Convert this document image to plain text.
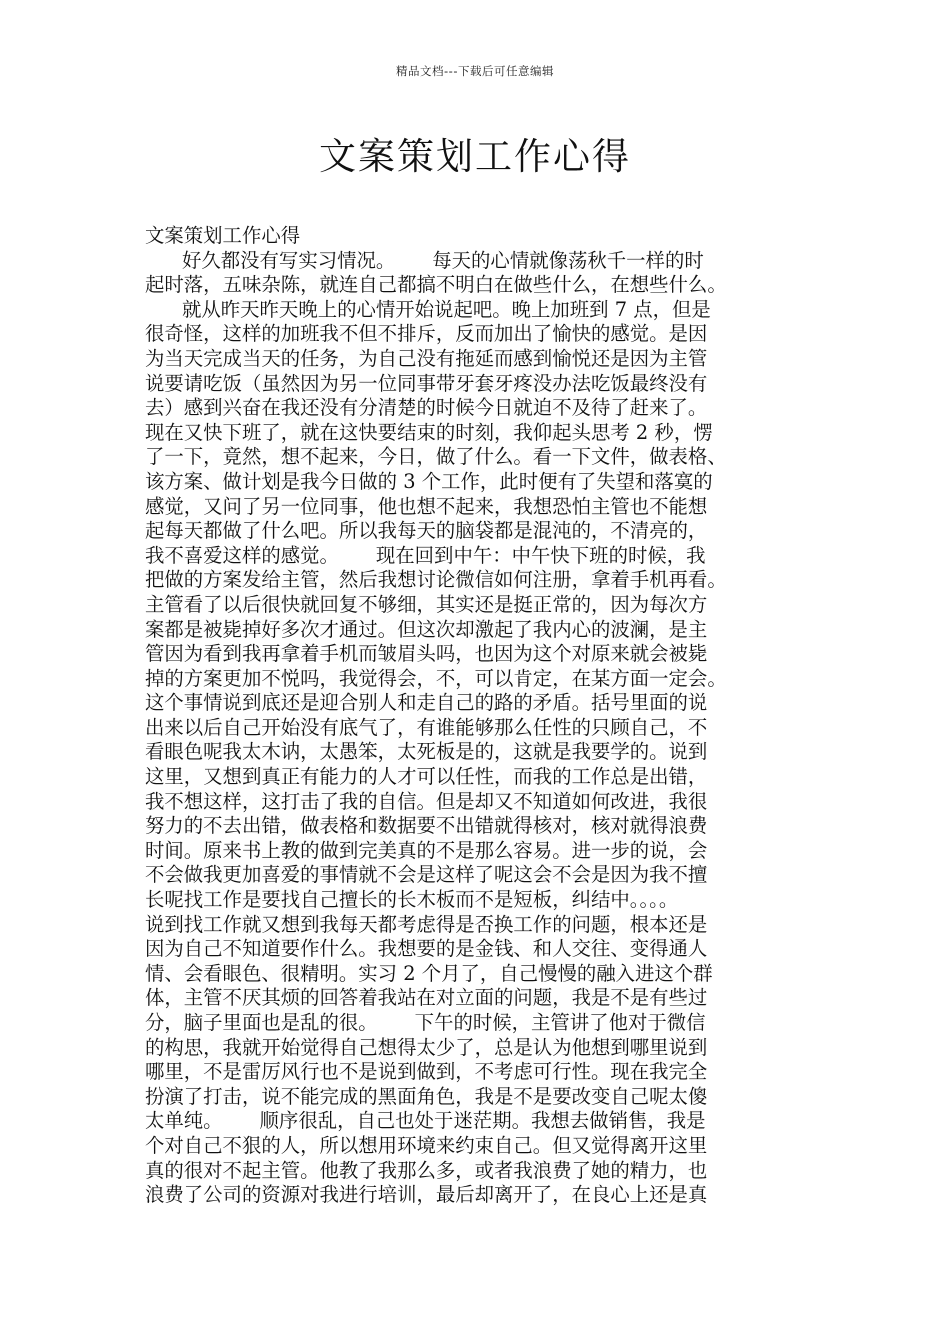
精品文档---下载后可任意编辑
文案策划工作心得
文案策划工作心得
好久都没有写实习情况。      每天的心情就像荡秋千一样的时
起时落，五味杂陈，就连自己都搞不明白在做些什么，在想些什么。
就从昨天昨天晚上的心情开始说起吧。晚上加班到 7 点，但是
很奇怪，这样的加班我不但不排斥，反而加出了愉快的感觉。是因
为当天完成当天的任务，为自己没有拖延而感到愉悦还是因为主管
说要请吃饭（虽然因为另一位同事带牙套牙疼没办法吃饭最终没有
去）感到兴奋在我还没有分清楚的时候今日就迫不及待了赶来了。
现在又快下班了，就在这快要结束的时刻，我仰起头思考 2 秒，愣
了一下，竟然，想不起来，今日，做了什么。看一下文件，做表格、
该方案、做计划是我今日做的 3 个工作，此时便有了失望和落寞的
感觉，又问了另一位同事，他也想不起来，我想恐怕主管也不能想
起每天都做了什么吧。所以我每天的脑袋都是混沌的，不清亮的，
我不喜爱这样的感觉。      现在回到中午：中午快下班的时候，我
把做的方案发给主管，然后我想讨论微信如何注册，拿着手机再看。
主管看了以后很快就回复不够细，其实还是挺正常的，因为每次方
案都是被毙掉好多次才通过。但这次却激起了我内心的波澜，是主
管因为看到我再拿着手机而皱眉头吗，也因为这个对原来就会被毙
掉的方案更加不悦吗，我觉得会，不，可以肯定，在某方面一定会。
这个事情说到底还是迎合别人和走自己的路的矛盾。括号里面的说
出来以后自己开始没有底气了，有谁能够那么任性的只顾自己，不
看眼色呢我太木讷，太愚笨，太死板是的，这就是我要学的。说到
这里，又想到真正有能力的人才可以任性，而我的工作总是出错，
我不想这样，这打击了我的自信。但是却又不知道如何改进，我很
努力的不去出错，做表格和数据要不出错就得核对，核对就得浪费
时间。原来书上教的做到完美真的不是那么容易。进一步的说，会
不会做我更加喜爱的事情就不会是这样了呢这会不会是因为我不擅
长呢找工作是要找自己擅长的长木板而不是短板，纠结中。。。。
说到找工作就又想到我每天都考虑得是否换工作的问题，根本还是
因为自己不知道要作什么。我想要的是金钱、和人交往、变得通人
情、会看眼色、很精明。实习 2 个月了，自己慢慢的融入进这个群
体，主管不厌其烦的回答着我站在对立面的问题，我是不是有些过
分，脑子里面也是乱的很。      下午的时候，主管讲了他对于微信
的构思，我就开始觉得自己想得太少了，总是认为他想到哪里说到
哪里，不是雷厉风行也不是说到做到，不考虑可行性。现在我完全
扮演了打击，说不能完成的黑面角色，我是不是要改变自己呢太傻
太单纯。      顺序很乱，自己也处于迷茫期。我想去做销售，我是
个对自己不狠的人，所以想用环境来约束自己。但又觉得离开这里
真的很对不起主管。他教了我那么多，或者我浪费了她的精力，也
浪费了公司的资源对我进行培训，最后却离开了，在良心上还是真
